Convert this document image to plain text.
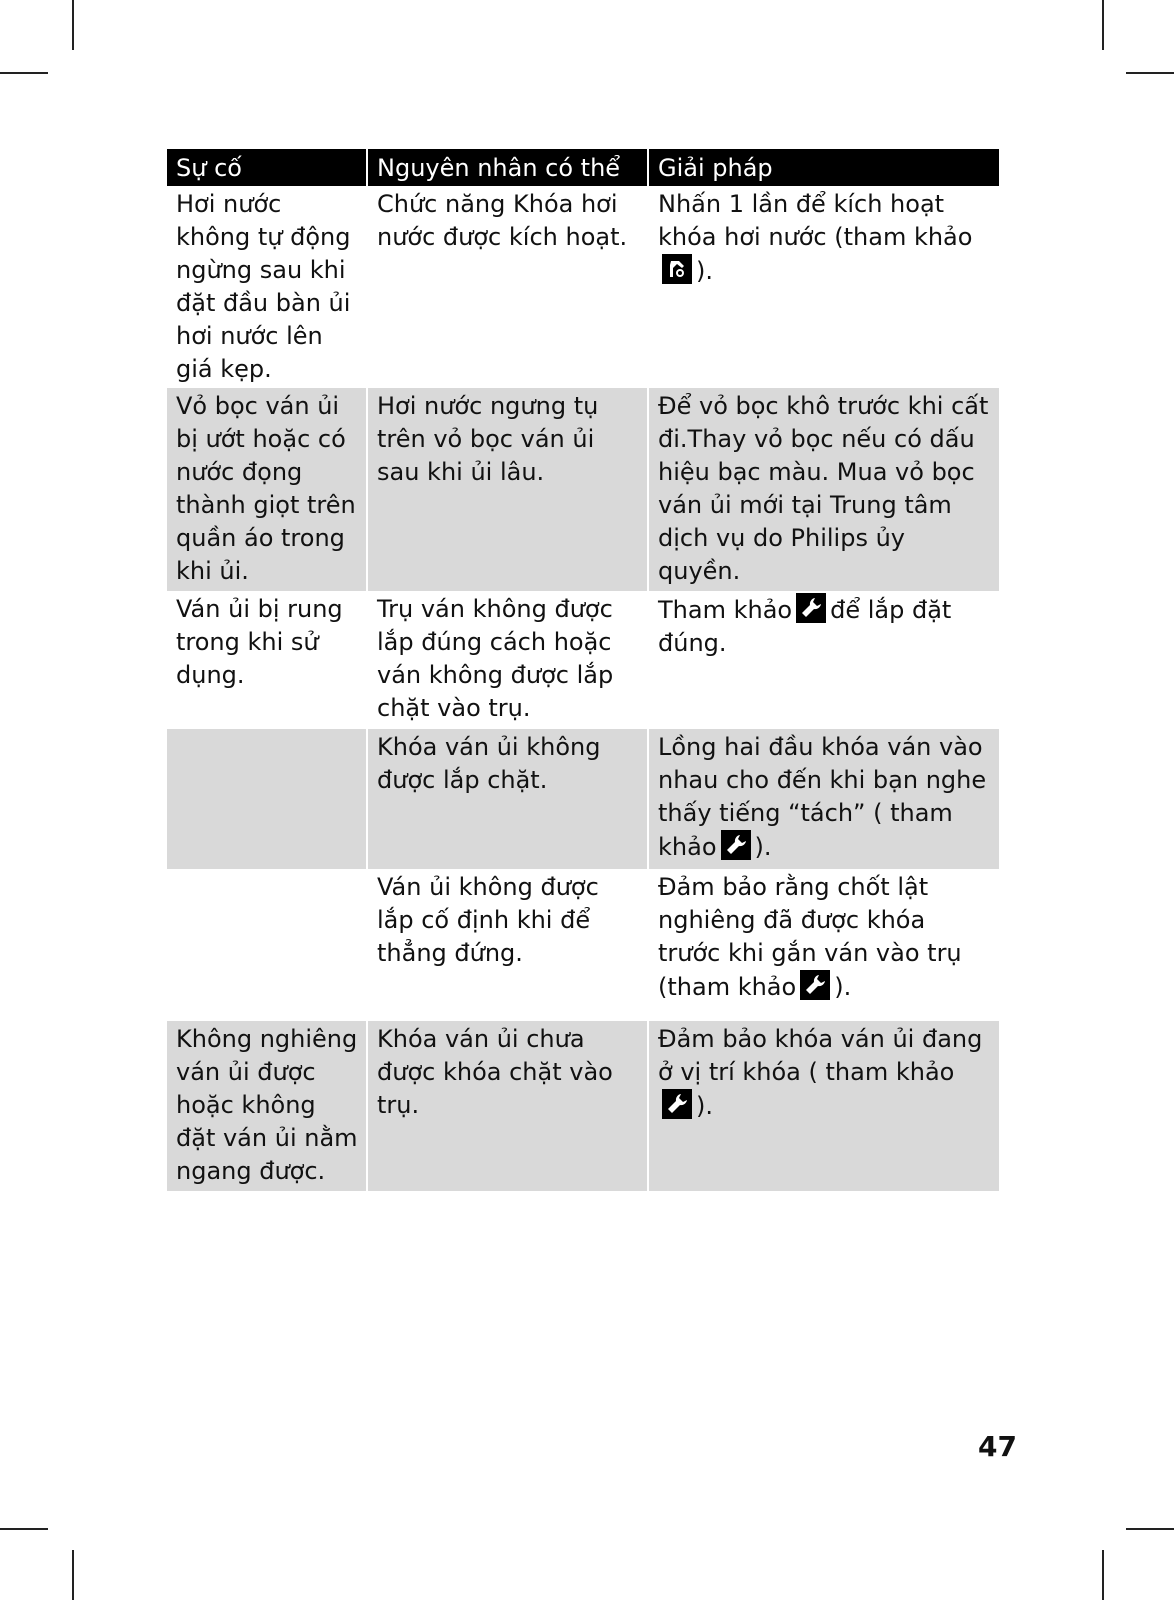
Sự cố	Nguyên nhân có thể	Giải pháp
Hơi nước không tự động ngừng sau khi đặt đầu bàn ủi hơi nước lên giá kẹp.	Chức năng Khóa hơi nước được kích hoạt.	Nhấn 1 lần để kích hoạt khóa hơi nước (tham khảo
).
Vỏ bọc ván ủi bị ướt hoặc có nước đọng thành giọt trên quần áo trong khi ủi.	Hơi nước ngưng tụ trên vỏ bọc ván ủi sau khi ủi lâu.	Để vỏ bọc khô trước khi cất đi.Thay vỏ bọc nếu có dấu hiệu bạc màu. Mua vỏ bọc ván ủi mới tại Trung tâm dịch vụ do Philips ủy quyền.
Ván ủi bị rung trong khi sử dụng.	Trụ ván không được lắp đúng cách hoặc ván không được lắp chặt vào trụ.	Tham khảo để lắp đặt đúng.
	Khóa ván ủi không được lắp chặt.	Lồng hai đầu khóa ván vào nhau cho đến khi bạn nghe thấy tiếng “tách” ( tham khảo ).
	Ván ủi không được lắp cố định khi để thẳng đứng.	Đảm bảo rằng chốt lật nghiêng đã được khóa trước khi gắn ván vào trụ (tham khảo ).
Không nghiêng ván ủi được hoặc không đặt ván ủi nằm ngang được.	Khóa ván ủi chưa được khóa chặt vào trụ.	Đảm bảo khóa ván ủi đang ở vị trí khóa ( tham khảo
).
47
